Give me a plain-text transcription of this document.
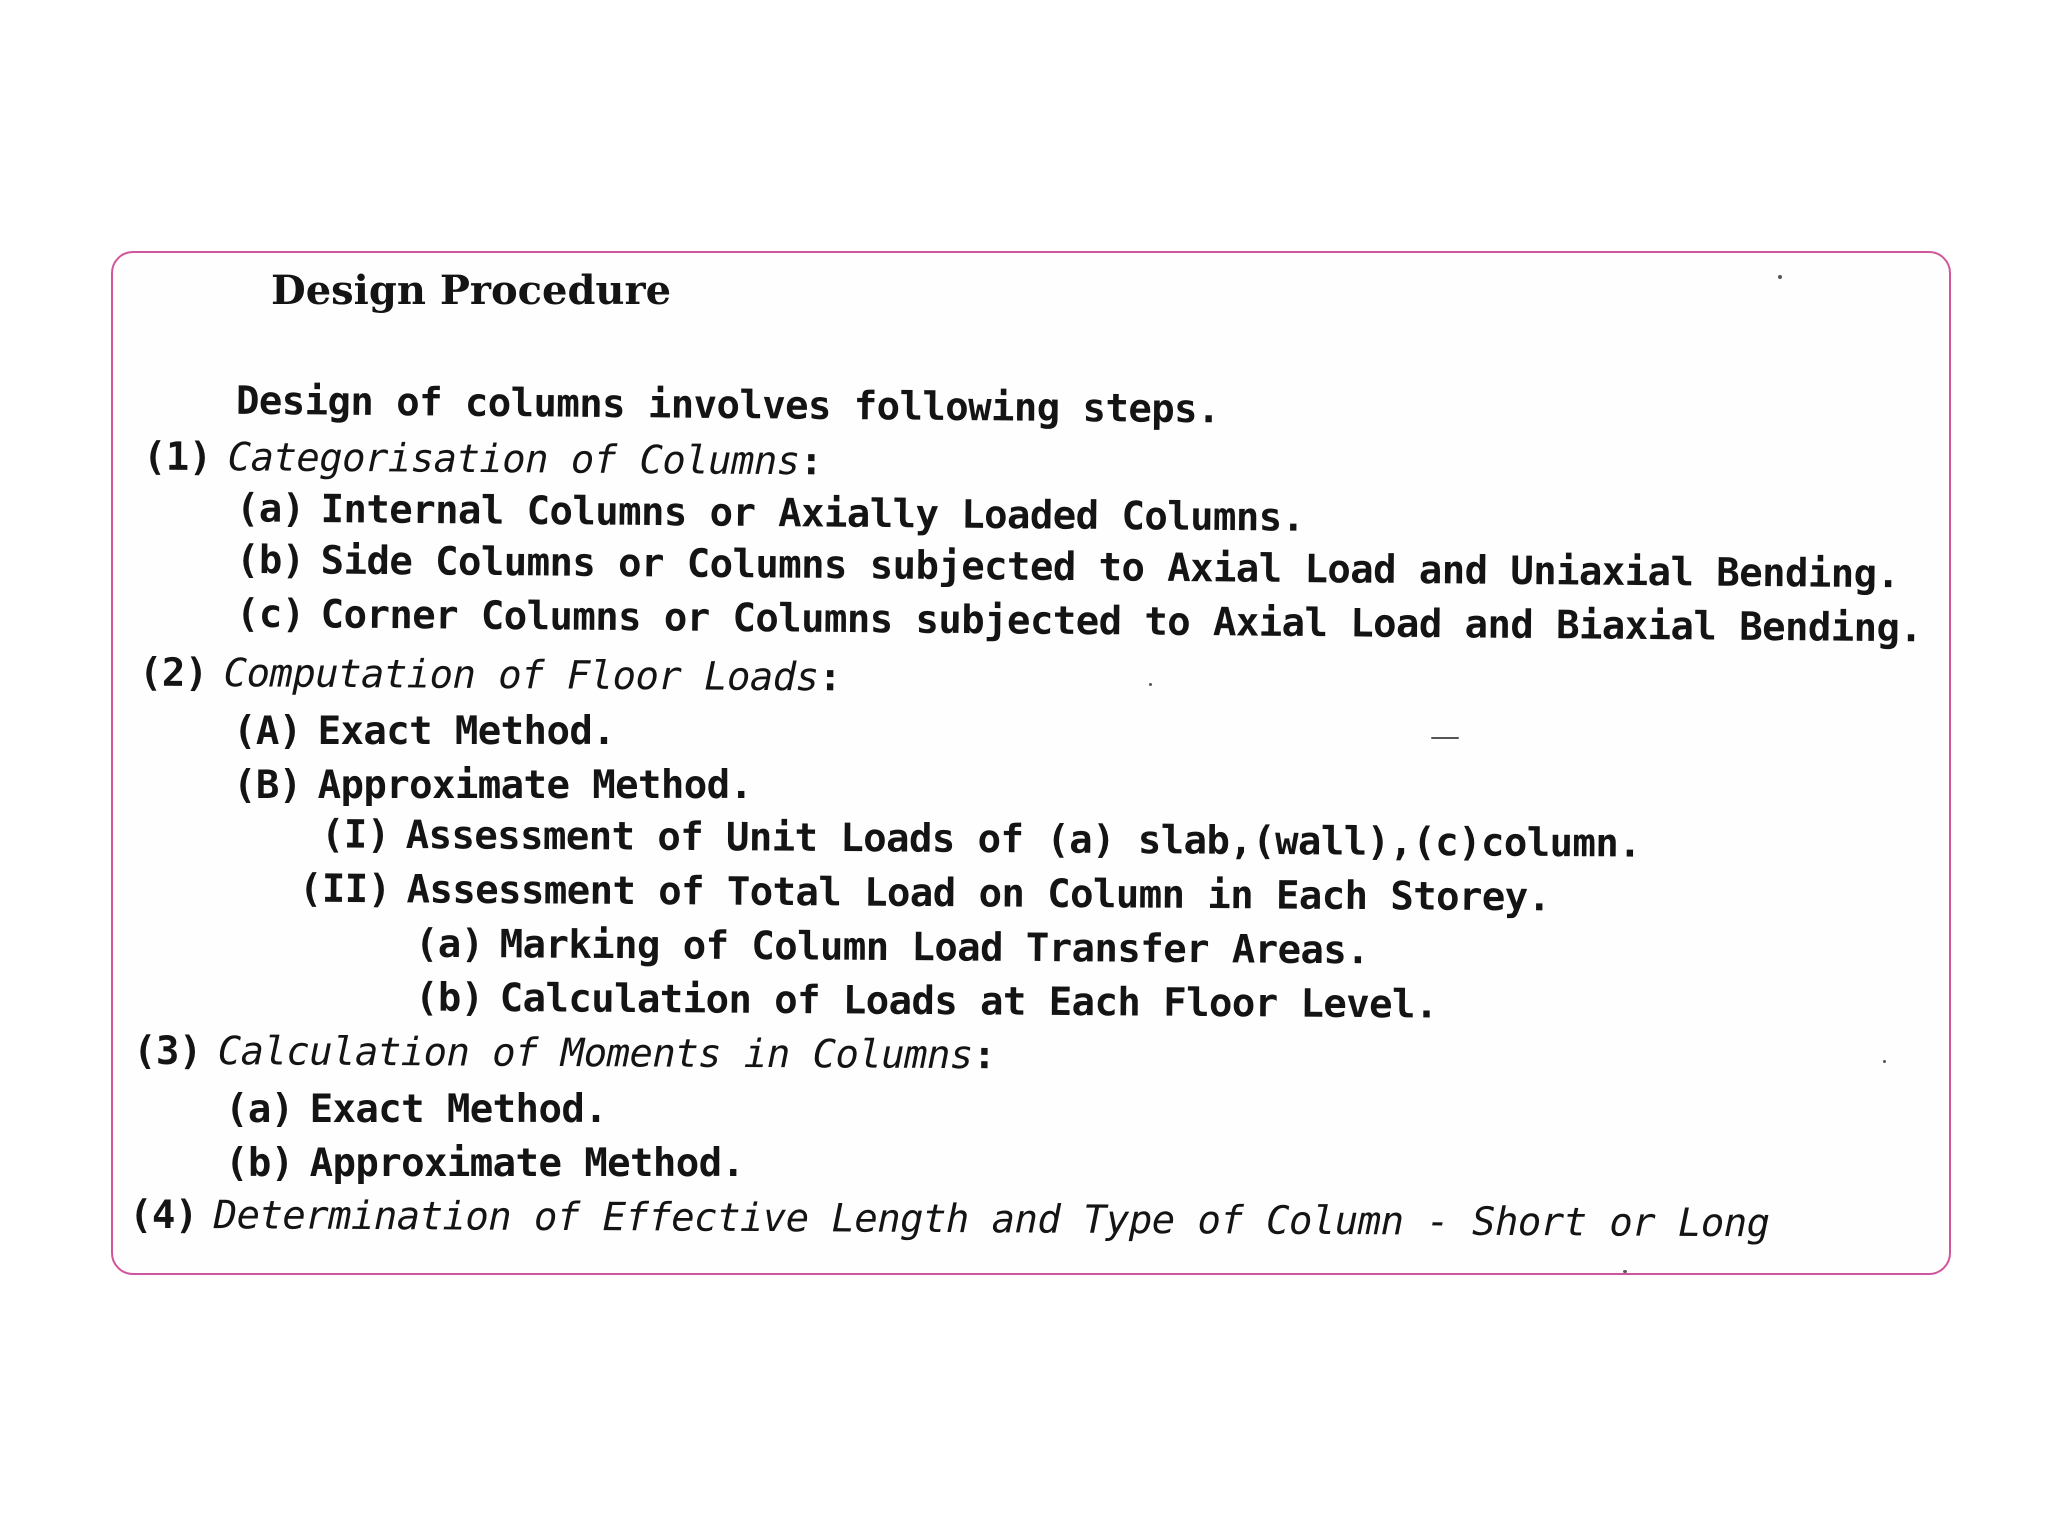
Design Procedure
Design of columns involves following steps.
(1) Categorisation of Columns:
(a) Internal Columns or Axially Loaded Columns.
(b) Side Columns or Columns subjected to Axial Load and Uniaxial Bending.
(c) Corner Columns or Columns subjected to Axial Load and Biaxial Bending.
(2) Computation of Floor Loads:
(A) Exact Method.
(B) Approximate Method.
(I) Assessment of Unit Loads of (a) slab,(wall),(c)column.
(II) Assessment of Total Load on Column in Each Storey.
(a) Marking of Column Load Transfer Areas.
(b) Calculation of Loads at Each Floor Level.
(3) Calculation of Moments in Columns:
(a) Exact Method.
(b) Approximate Method.
(4) Determination of Effective Length and Type of Column - Short or Long
